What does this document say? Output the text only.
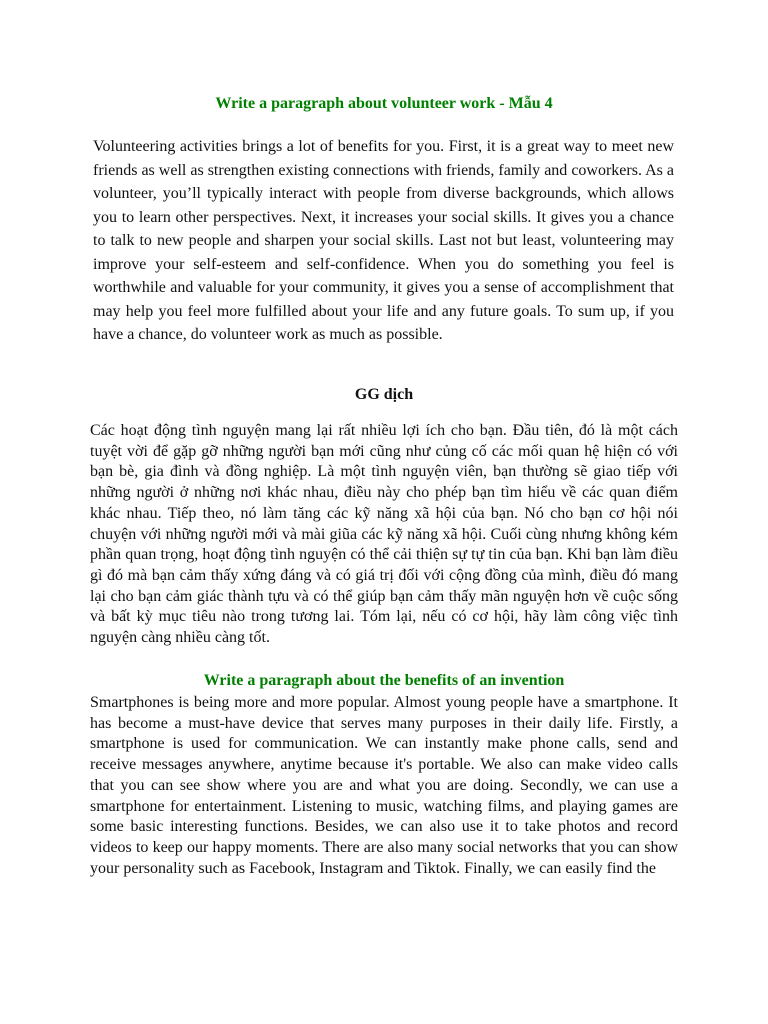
Write a paragraph about volunteer work - Mẫu 4

Volunteering activities brings a lot of benefits for you. First, it is a great way to meet new friends as well as strengthen existing connections with friends, family and coworkers. As a volunteer, you’ll typically interact with people from diverse backgrounds, which allows you to learn other perspectives. Next, it increases your social skills. It gives you a chance to talk to new people and sharpen your social skills. Last not but least, volunteering may improve your self-esteem and self-confidence. When you do something you feel is worthwhile and valuable for your community, it gives you a sense of accomplishment that may help you feel more fulfilled about your life and any future goals. To sum up, if you have a chance, do volunteer work as much as possible.

GG dịch

Các hoạt động tình nguyện mang lại rất nhiều lợi ích cho bạn. Đầu tiên, đó là một cách tuyệt vời để gặp gỡ những người bạn mới cũng như củng cố các mối quan hệ hiện có với bạn bè, gia đình và đồng nghiệp. Là một tình nguyện viên, bạn thường sẽ giao tiếp với những người ở những nơi khác nhau, điều này cho phép bạn tìm hiểu về các quan điểm khác nhau. Tiếp theo, nó làm tăng các kỹ năng xã hội của bạn. Nó cho bạn cơ hội nói chuyện với những người mới và mài giũa các kỹ năng xã hội. Cuối cùng nhưng không kém phần quan trọng, hoạt động tình nguyện có thể cải thiện sự tự tin của bạn. Khi bạn làm điều gì đó mà bạn cảm thấy xứng đáng và có giá trị đối với cộng đồng của mình, điều đó mang lại cho bạn cảm giác thành tựu và có thể giúp bạn cảm thấy mãn nguyện hơn về cuộc sống và bất kỳ mục tiêu nào trong tương lai. Tóm lại, nếu có cơ hội, hãy làm công việc tình nguyện càng nhiều càng tốt.

Write a paragraph about the benefits of an invention

Smartphones is being more and more popular. Almost young people have a smartphone. It has become a must-have device that serves many purposes in their daily life. Firstly, a smartphone is used for communication. We can instantly make phone calls, send and receive messages anywhere, anytime because it's portable. We also can make video calls that you can see show where you are and what you are doing. Secondly, we can use a smartphone for entertainment. Listening to music, watching films, and playing games are some basic interesting functions. Besides, we can also use it to take photos and record videos to keep our happy moments. There are also many social networks that you can show your personality such as Facebook, Instagram and Tiktok. Finally, we can easily find the
